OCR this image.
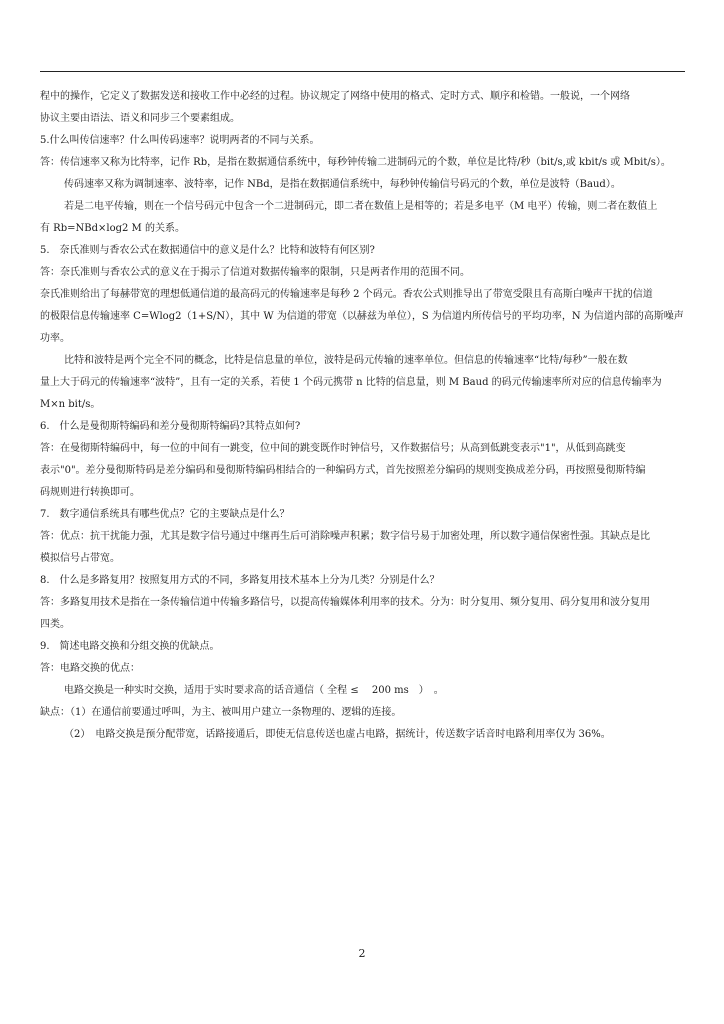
程中的操作，它定义了数据发送和接收工作中必经的过程。协议规定了网络中使用的格式、定时方式、顺序和检错。一般说，一个网络

协议主要由语法、语义和同步三个要素组成。

5.什么叫传信速率？什么叫传码速率？说明两者的不同与关系。

答：传信速率又称为比特率，记作 Rb，是指在数据通信系统中，每秒钟传输二进制码元的个数，单位是比特/秒（bit/s,或 kbit/s 或 Mbit/s）。

传码速率又称为调制速率、波特率，记作 NBd，是指在数据通信系统中，每秒钟传输信号码元的个数，单位是波特（Baud）。

若是二电平传输，则在一个信号码元中包含一个二进制码元，即二者在数值上是相等的；若是多电平（M 电平）传输，则二者在数值上

有 Rb=NBd×log2 M 的关系。

5.　奈氏准则与香农公式在数据通信中的意义是什么？比特和波特有何区别?

答：奈氏准则与香农公式的意义在于揭示了信道对数据传输率的限制，只是两者作用的范围不同。

奈氏准则给出了每赫带宽的理想低通信道的最高码元的传输速率是每秒 2 个码元。香农公式则推导出了带宽受限且有高斯白噪声干扰的信道

的极限信息传输速率 C=Wlog2（1+S/N），其中 W 为信道的带宽（以赫兹为单位），S 为信道内所传信号的平均功率，N 为信道内部的高斯噪声

功率。

比特和波特是两个完全不同的概念，比特是信息量的单位，波特是码元传输的速率单位。但信息的传输速率“比特/每秒”一般在数

量上大于码元的传输速率“波特”，且有一定的关系，若使 1 个码元携带 n 比特的信息量，则 M Baud 的码元传输速率所对应的信息传输率为

M×n bit/s。

6.　什么是曼彻斯特编码和差分曼彻斯特编码?其特点如何?

答：在曼彻斯特编码中，每一位的中间有一跳变，位中间的跳变既作时钟信号，又作数据信号；从高到低跳变表示"1"，从低到高跳变

表示"0"。差分曼彻斯特码是差分编码和曼彻斯特编码相结合的一种编码方式，首先按照差分编码的规则变换成差分码，再按照曼彻斯特编

码规则进行转换即可。

7.　数字通信系统具有哪些优点？它的主要缺点是什么？

答：优点：抗干扰能力强，尤其是数字信号通过中继再生后可消除噪声积累；数字信号易于加密处理，所以数字通信保密性强。其缺点是比

模拟信号占带宽。

8.　什么是多路复用？按照复用方式的不同，多路复用技术基本上分为几类？分别是什么？

答：多路复用技术是指在一条传输信道中传输多路信号，以提高传输媒体利用率的技术。分为：时分复用、频分复用、码分复用和波分复用

四类。

9.　简述电路交换和分组交换的优缺点。

答：电路交换的优点：

电路交换是一种实时交换，适用于实时要求高的话音通信（ 全程 ≤ 　200 ms　）　。

缺点：（1）在通信前要通过呼叫，为主、被叫用户建立一条物理的、逻辑的连接。

（2）　电路交换是预分配带宽，话路接通后，即使无信息传送也虚占电路，据统计，传送数字话音时电路利用率仅为 36%。

2
